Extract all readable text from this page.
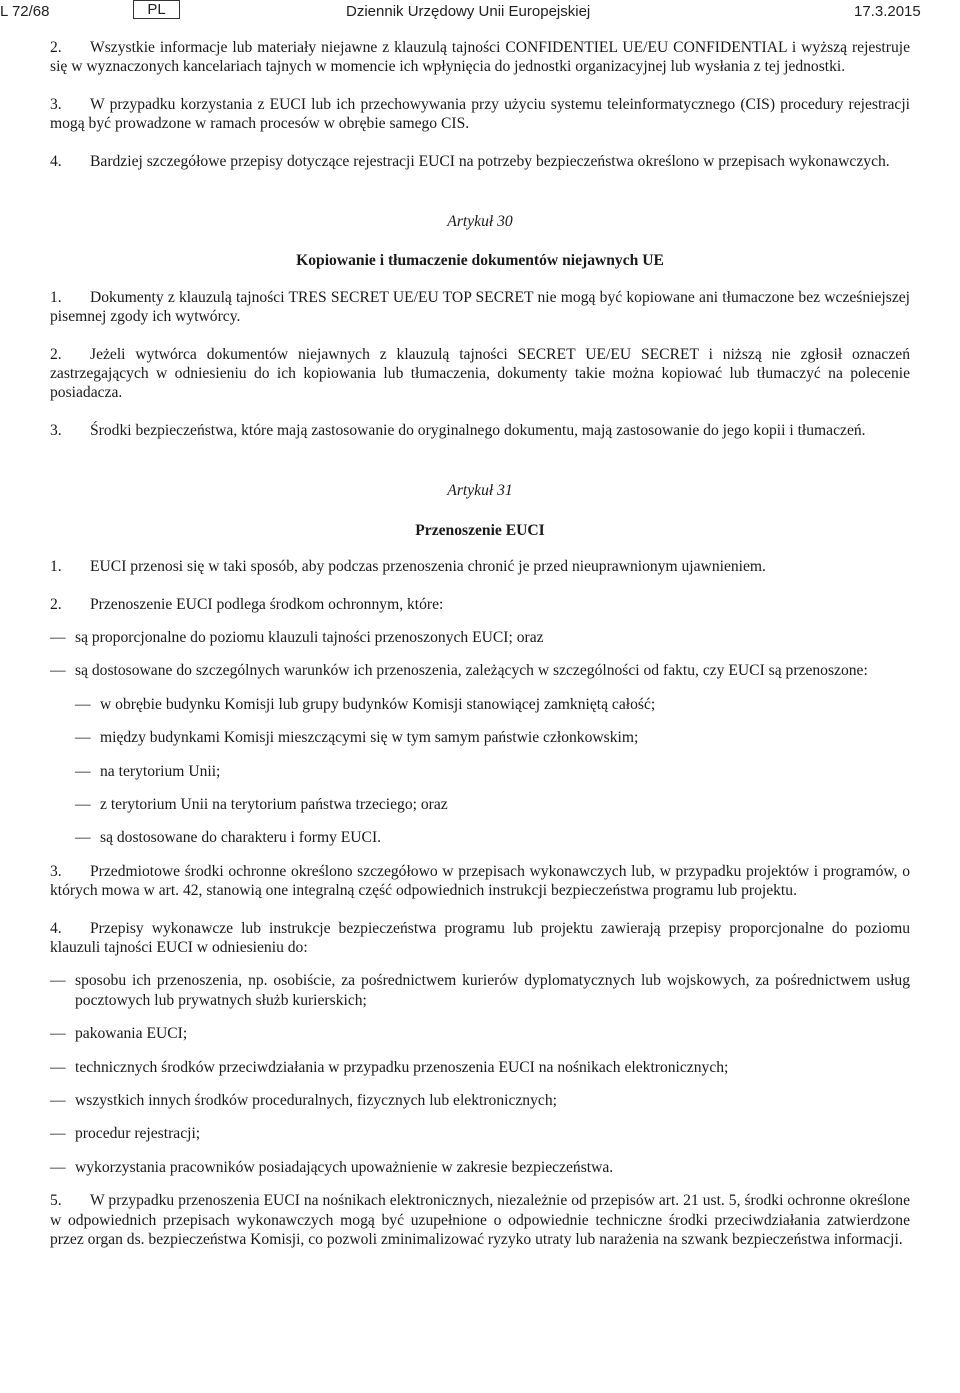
L 72/68	PL	Dziennik Urzędowy Unii Europejskiej	17.3.2015

2. Wszystkie informacje lub materiały niejawne z klauzulą tajności CONFIDENTIEL UE/EU CONFIDENTIAL i wyższą rejestruje się w wyznaczonych kancelariach tajnych w momencie ich wpłynięcia do jednostki organizacyjnej lub wysłania z tej jednostki.

3. W przypadku korzystania z EUCI lub ich przechowywania przy użyciu systemu teleinformatycznego (CIS) procedury rejestracji mogą być prowadzone w ramach procesów w obrębie samego CIS.

4. Bardziej szczegółowe przepisy dotyczące rejestracji EUCI na potrzeby bezpieczeństwa określono w przepisach wykonawczych.

Artykuł 30
Kopiowanie i tłumaczenie dokumentów niejawnych UE

1. Dokumenty z klauzulą tajności TRES SECRET UE/EU TOP SECRET nie mogą być kopiowane ani tłumaczone bez wcześniejszej pisemnej zgody ich wytwórcy.

2. Jeżeli wytwórca dokumentów niejawnych z klauzulą tajności SECRET UE/EU SECRET i niższą nie zgłosił oznaczeń zastrzegających w odniesieniu do ich kopiowania lub tłumaczenia, dokumenty takie można kopiować lub tłumaczyć na polecenie posiadacza.

3. Środki bezpieczeństwa, które mają zastosowanie do oryginalnego dokumentu, mają zastosowanie do jego kopii i tłumaczeń.

Artykuł 31
Przenoszenie EUCI

1. EUCI przenosi się w taki sposób, aby podczas przenoszenia chronić je przed nieuprawnionym ujawnieniem.

2. Przenoszenie EUCI podlega środkom ochronnym, które:

— są proporcjonalne do poziomu klauzuli tajności przenoszonych EUCI; oraz
— są dostosowane do szczególnych warunków ich przenoszenia, zależących w szczególności od faktu, czy EUCI są przenoszone:
— w obrębie budynku Komisji lub grupy budynków Komisji stanowiącej zamkniętą całość;
— między budynkami Komisji mieszczącymi się w tym samym państwie członkowskim;
— na terytorium Unii;
— z terytorium Unii na terytorium państwa trzeciego; oraz
— są dostosowane do charakteru i formy EUCI.

3. Przedmiotowe środki ochronne określono szczegółowo w przepisach wykonawczych lub, w przypadku projektów i programów, o których mowa w art. 42, stanowią one integralną część odpowiednich instrukcji bezpieczeństwa programu lub projektu.

4. Przepisy wykonawcze lub instrukcje bezpieczeństwa programu lub projektu zawierają przepisy proporcjonalne do poziomu klauzuli tajności EUCI w odniesieniu do:

— sposobu ich przenoszenia, np. osobiście, za pośrednictwem kurierów dyplomatycznych lub wojskowych, za pośrednictwem usług pocztowych lub prywatnych służb kurierskich;
— pakowania EUCI;
— technicznych środków przeciwdziałania w przypadku przenoszenia EUCI na nośnikach elektronicznych;
— wszystkich innych środków proceduralnych, fizycznych lub elektronicznych;
— procedur rejestracji;
— wykorzystania pracowników posiadających upoważnienie w zakresie bezpieczeństwa.

5. W przypadku przenoszenia EUCI na nośnikach elektronicznych, niezależnie od przepisów art. 21 ust. 5, środki ochronne określone w odpowiednich przepisach wykonawczych mogą być uzupełnione o odpowiednie techniczne środki przeciwdziałania zatwierdzone przez organ ds. bezpieczeństwa Komisji, co pozwoli zminimalizować ryzyko utraty lub narażenia na szwank bezpieczeństwa informacji.
